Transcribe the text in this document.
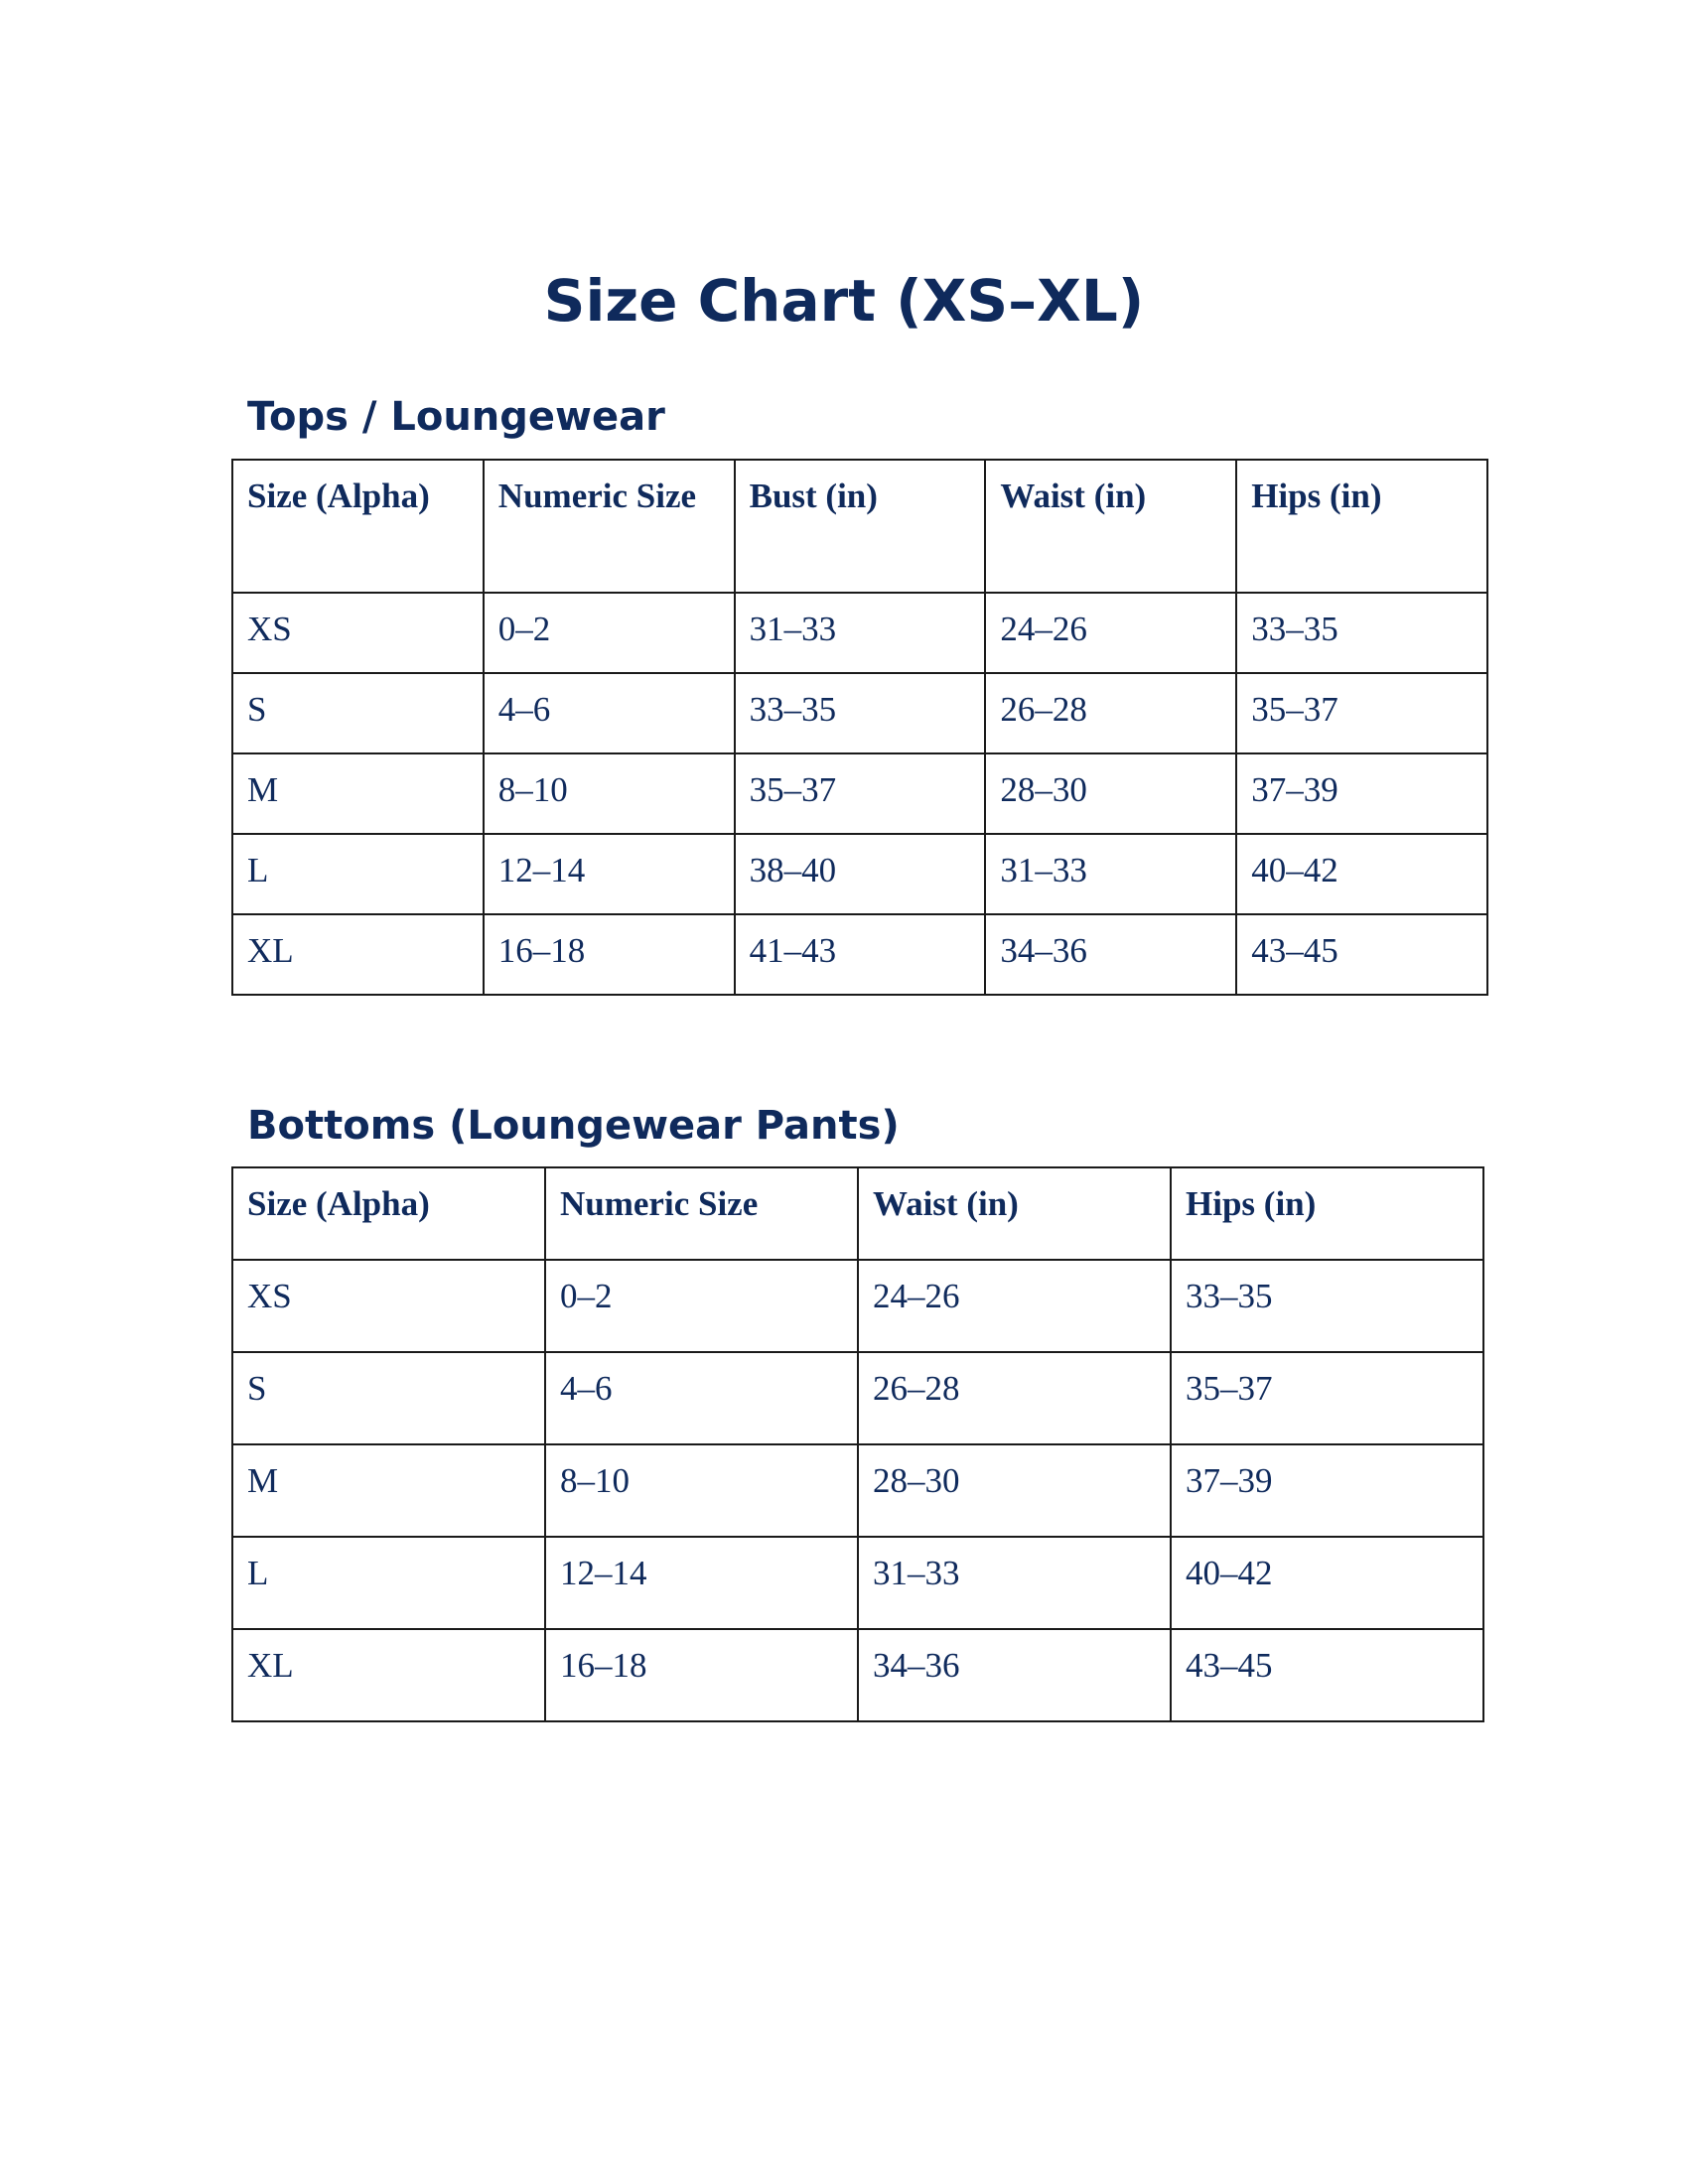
Size Chart (XS–XL)
Tops / Loungewear
Size (Alpha)	Numeric Size	Bust (in)	Waist (in)	Hips (in)
XS	0–2	31–33	24–26	33–35
S	4–6	33–35	26–28	35–37
M	8–10	35–37	28–30	37–39
L	12–14	38–40	31–33	40–42
XL	16–18	41–43	34–36	43–45
Bottoms (Loungewear Pants)
Size (Alpha)	Numeric Size	Waist (in)	Hips (in)
XS	0–2	24–26	33–35
S	4–6	26–28	35–37
M	8–10	28–30	37–39
L	12–14	31–33	40–42
XL	16–18	34–36	43–45
